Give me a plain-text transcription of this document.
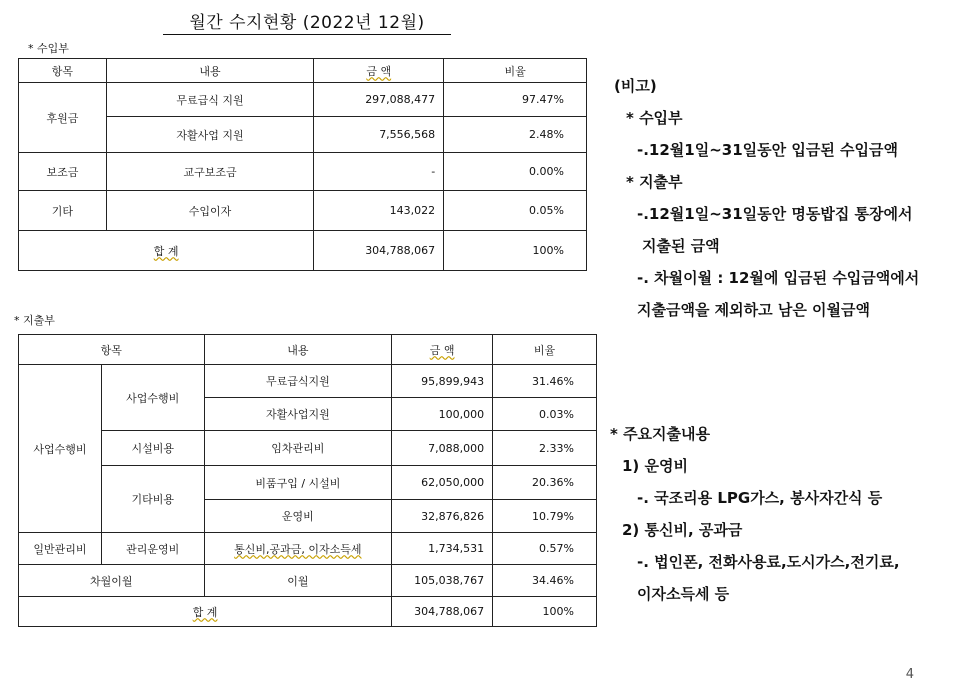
월간 수지현황 (2022년 12월)
* 수입부
항목	내용	금 액	비율
후원금	무료급식 지원	297,088,477	97.47%
	자활사업 지원	7,556,568	2.48%
보조금	교구보조금	-	0.00%
기타	수입이자	143,022	0.05%
합 계		304,788,067	100%
* 지출부
항목		내용	금 액	비율
사업수행비	사업수행비	무료급식지원	95,899,943	31.46%
		자활사업지원	100,000	0.03%
	시설비용	임차관리비	7,088,000	2.33%
	기타비용	비품구입 / 시설비	62,050,000	20.36%
		운영비	32,876,826	10.79%
일반관리비	관리운영비	통신비,공과금, 이자소득세	1,734,531	0.57%
차월이월		이월	105,038,767	34.46%
합 계			304,788,067	100%
(비고)
* 수입부
-.12월1일~31일동안 입금된 수입금액
* 지출부
-.12월1일~31일동안 명동밥집 통장에서
지출된 금액
-. 차월이월 : 12월에 입금된 수입금액에서
지출금액을 제외하고 남은 이월금액
* 주요지출내용
1) 운영비
-. 국조리용 LPG가스, 봉사자간식 등
2) 통신비, 공과금
-. 법인폰, 전화사용료,도시가스,전기료,
이자소득세 등
4
